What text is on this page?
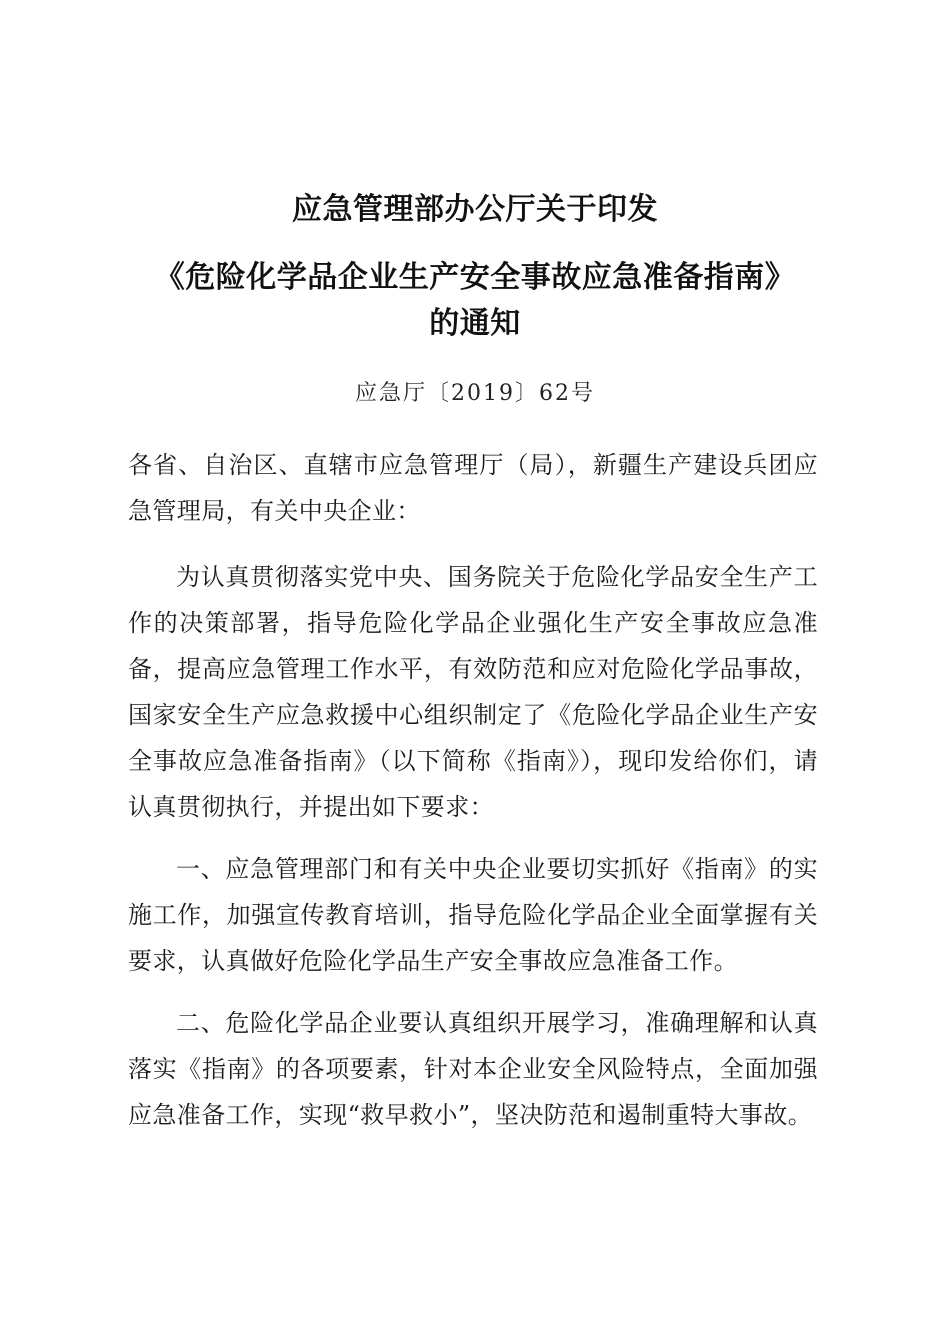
应急管理部办公厅关于印发
《危险化学品企业生产安全事故应急准备指南》
的通知
应急厅〔2019〕62号

各省、自治区、直辖市应急管理厅（局），新疆生产建设兵团应急管理局，有关中央企业：

为认真贯彻落实党中央、国务院关于危险化学品安全生产工作的决策部署，指导危险化学品企业强化生产安全事故应急准备，提高应急管理工作水平，有效防范和应对危险化学品事故，国家安全生产应急救援中心组织制定了《危险化学品企业生产安全事故应急准备指南》（以下简称《指南》），现印发给你们，请认真贯彻执行，并提出如下要求：

一、应急管理部门和有关中央企业要切实抓好《指南》的实施工作，加强宣传教育培训，指导危险化学品企业全面掌握有关要求，认真做好危险化学品生产安全事故应急准备工作。

二、危险化学品企业要认真组织开展学习，准确理解和认真落实《指南》的各项要素，针对本企业安全风险特点，全面加强应急准备工作，实现“救早救小”，坚决防范和遏制重特大事故。
